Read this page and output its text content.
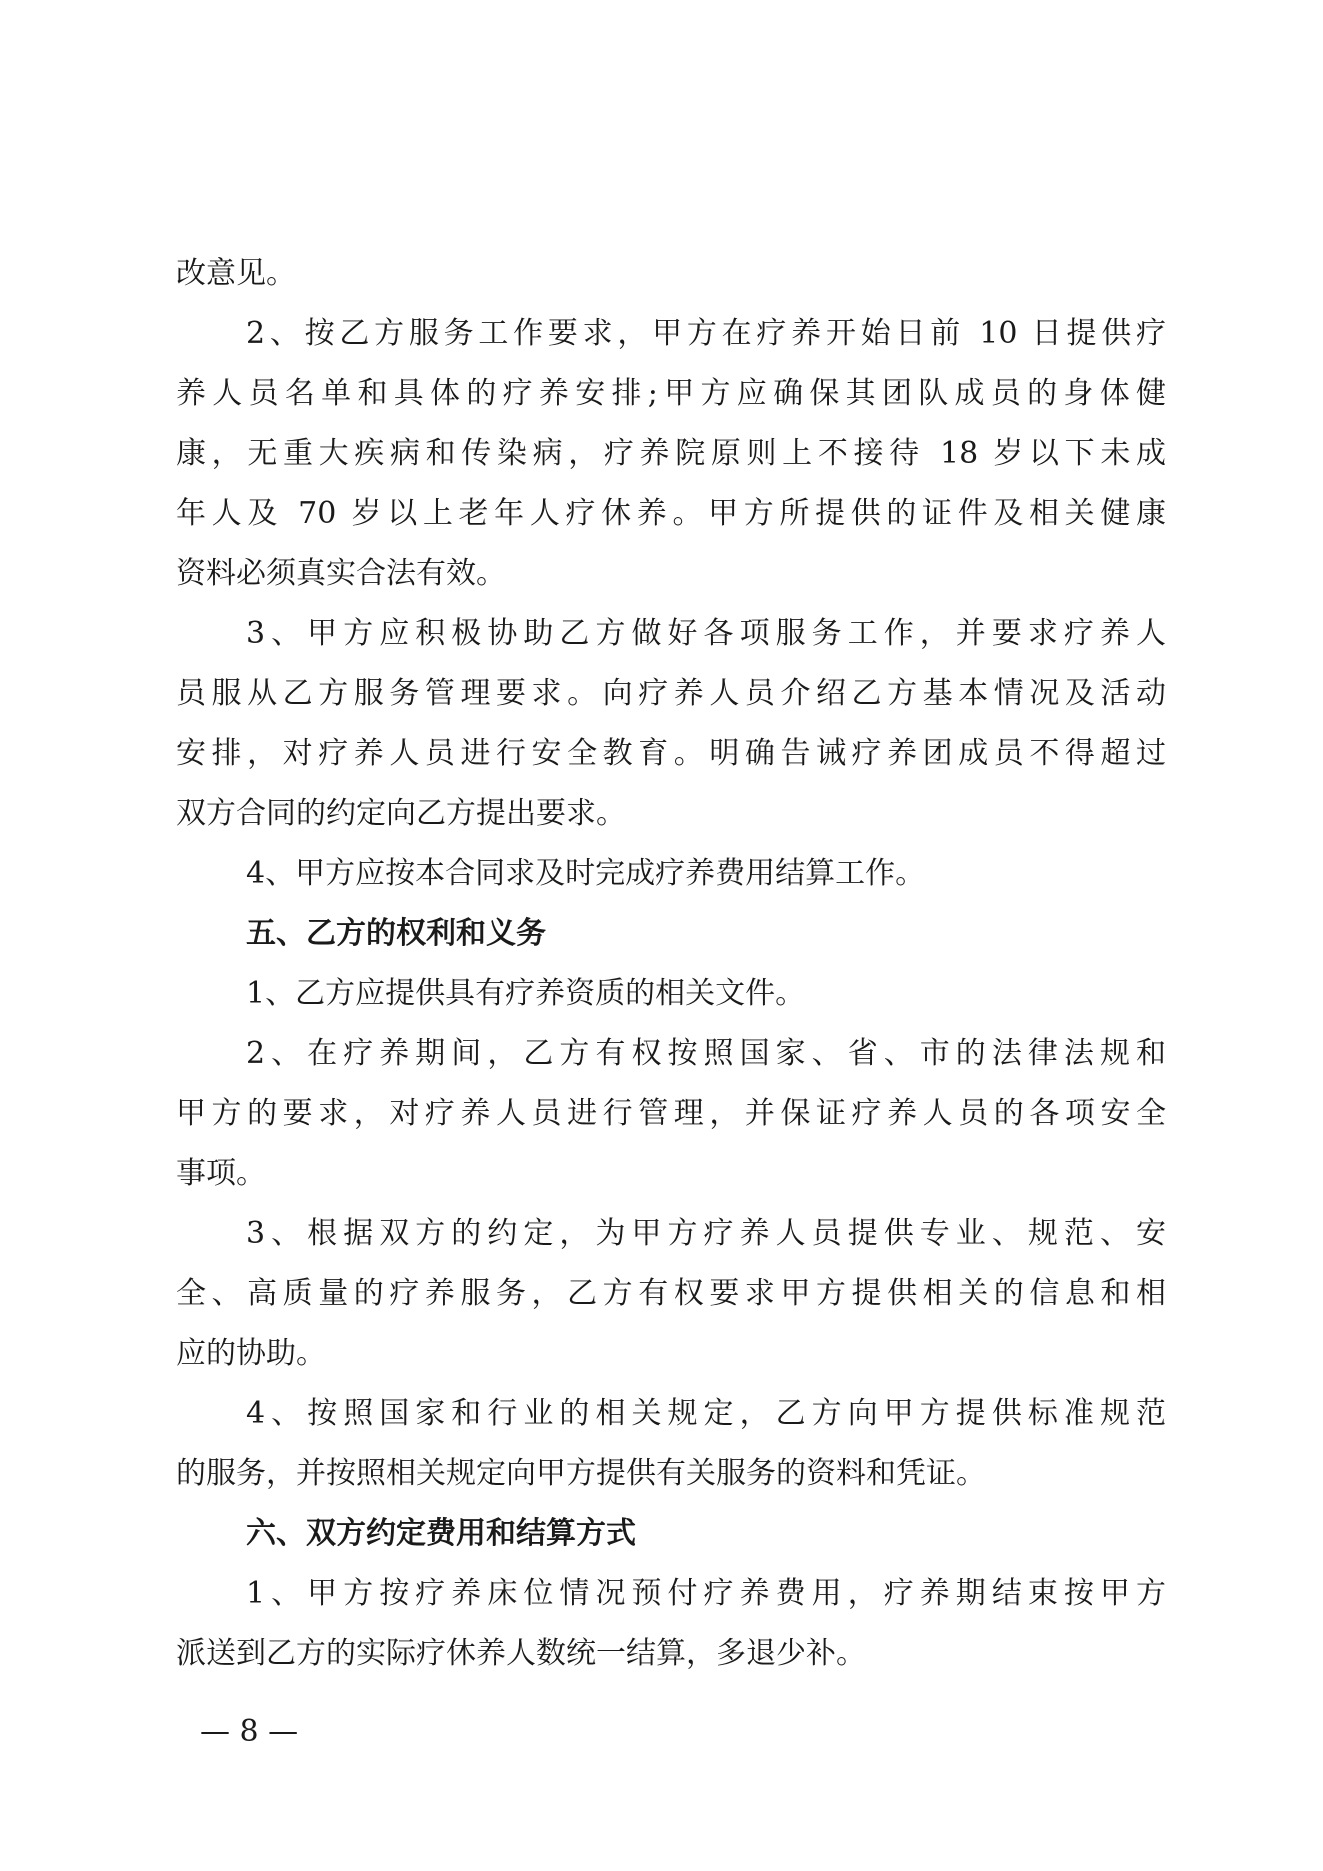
改意见。
2、按乙方服务工作要求，甲方在疗养开始日前 10 日提供疗
养人员名单和具体的疗养安排;甲方应确保其团队成员的身体健
康，无重大疾病和传染病，疗养院原则上不接待 18 岁以下未成
年人及 70 岁以上老年人疗休养。甲方所提供的证件及相关健康
资料必须真实合法有效。
3、甲方应积极协助乙方做好各项服务工作，并要求疗养人
员服从乙方服务管理要求。向疗养人员介绍乙方基本情况及活动
安排，对疗养人员进行安全教育。明确告诫疗养团成员不得超过
双方合同的约定向乙方提出要求。
4、甲方应按本合同求及时完成疗养费用结算工作。
五、乙方的权利和义务
1、乙方应提供具有疗养资质的相关文件。
2、在疗养期间，乙方有权按照国家、省、市的法律法规和
甲方的要求，对疗养人员进行管理，并保证疗养人员的各项安全
事项。
3、根据双方的约定，为甲方疗养人员提供专业、规范、安
全、高质量的疗养服务，乙方有权要求甲方提供相关的信息和相
应的协助。
4、按照国家和行业的相关规定，乙方向甲方提供标准规范
的服务，并按照相关规定向甲方提供有关服务的资料和凭证。
六、双方约定费用和结算方式
1、甲方按疗养床位情况预付疗养费用，疗养期结束按甲方
派送到乙方的实际疗休养人数统一结算，多退少补。
— 8 —
